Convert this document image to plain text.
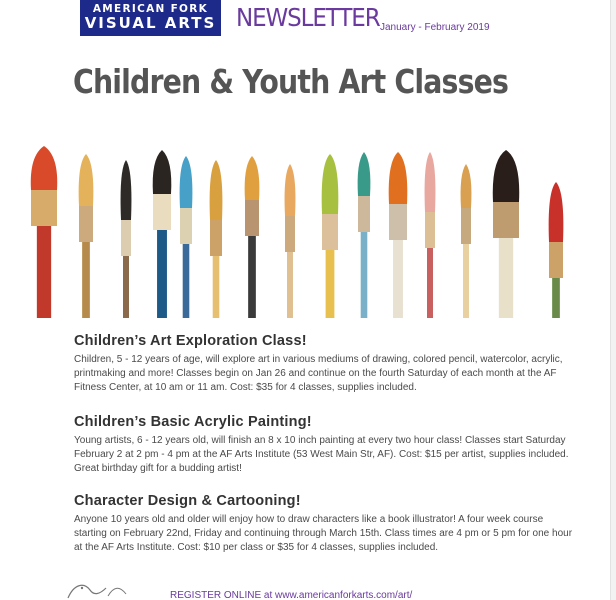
AMERICAN FORK
VISUAL ARTS NEWSLETTER January - February 2019
Children & Youth Art Classes
Children’s Art Exploration Class!

Children, 5 - 12 years of age, will explore art in various mediums of drawing, colored pencil, watercolor, acrylic, printmaking and more! Classes begin on Jan 26 and continue on the fourth Saturday of each month at the AF Fitness Center, at 10 am or 11 am. Cost: $35 for 4 classes, supplies included.

Children’s Basic Acrylic Painting!

Young artists, 6 - 12 years old, will finish an 8 x 10 inch painting at every two hour class! Classes start Saturday February 2 at 2 pm - 4 pm at the AF Arts Institute (53 West Main Str, AF). Cost: $15 per artist, supplies included. Great birthday gift for a budding artist!

Character Design & Cartooning!

Anyone 10 years old and older will enjoy how to draw characters like a book illustrator! A four week course starting on February 22nd, Friday and continuing through March 15th. Class times are 4 pm or 5 pm for one hour at the AF Arts Institute. Cost: $10 per class or $35 for 4 classes, supplies included.

REGISTER ONLINE at www.americanforkarts.com/art/
